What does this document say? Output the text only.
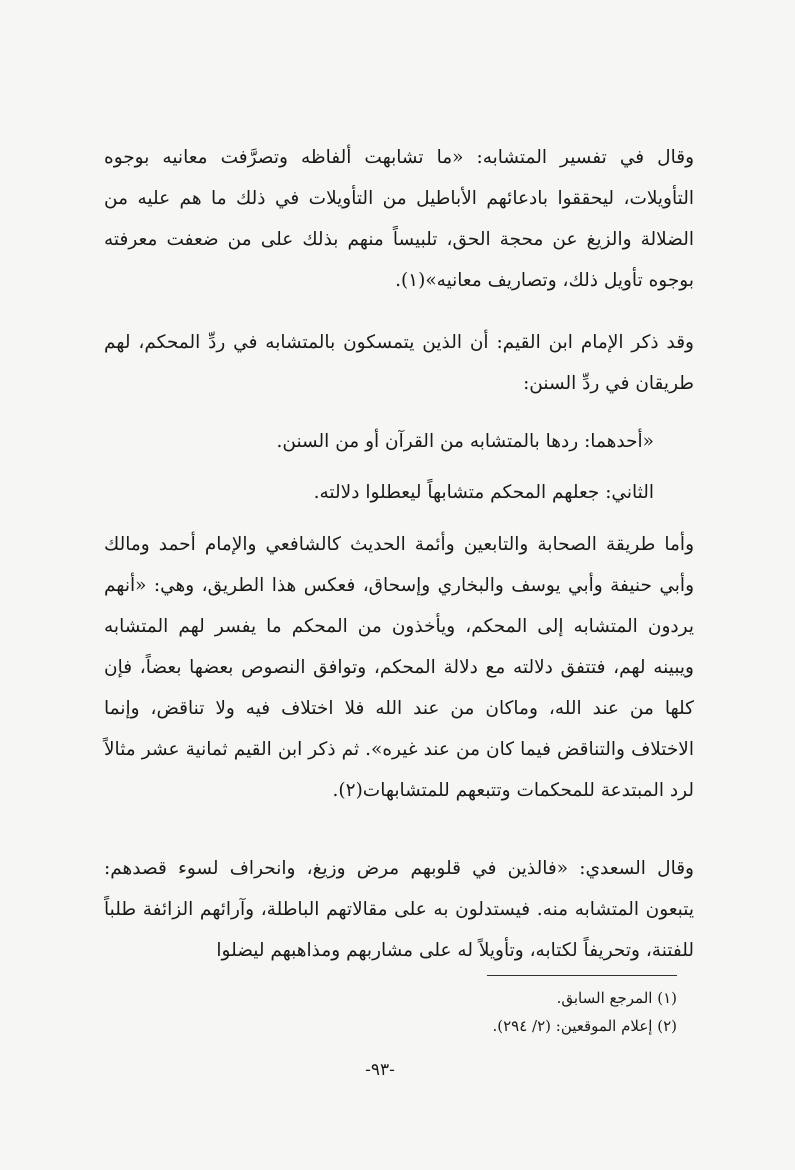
وقال في تفسير المتشابه: «ما تشابهت ألفاظه وتصرَّفت معانيه بوجوه التأويلات، ليحققوا بادعائهم الأباطيل من التأويلات في ذلك ما هم عليه من الضلالة والزيغ عن محجة الحق، تلبيساً منهم بذلك على من ضعفت معرفته بوجوه تأويل ذلك، وتصاريف معانيه»(١).

وقد ذكر الإمام ابن القيم: أن الذين يتمسكون بالمتشابه في ردِّ المحكم، لهم طريقان في ردِّ السنن:

«أحدهما: ردها بالمتشابه من القرآن أو من السنن.

الثاني: جعلهم المحكم متشابهاً ليعطلوا دلالته.

وأما طريقة الصحابة والتابعين وأئمة الحديث كالشافعي والإمام أحمد ومالك وأبي حنيفة وأبي يوسف والبخاري وإسحاق، فعكس هذا الطريق، وهي: «أنهم يردون المتشابه إلى المحكم، ويأخذون من المحكم ما يفسر لهم المتشابه ويبينه لهم، فتتفق دلالته مع دلالة المحكم، وتوافق النصوص بعضها بعضاً، فإن كلها من عند الله، وماكان من عند الله فلا اختلاف فيه ولا تناقض، وإنما الاختلاف والتناقض فيما كان من عند غيره». ثم ذكر ابن القيم ثمانية عشر مثالاً لرد المبتدعة للمحكمات وتتبعهم للمتشابهات(٢).

وقال السعدي: «فالذين في قلوبهم مرض وزيغ، وانحراف لسوء قصدهم: يتبعون المتشابه منه. فيستدلون به على مقالاتهم الباطلة، وآرائهم الزائفة طلباً للفتنة، وتحريفاً لكتابه، وتأويلاً له على مشاربهم ومذاهبهم ليضلوا

(١) المرجع السابق.
(٢) إعلام الموقعين: (٢/ ٢٩٤).
-٩٣-
